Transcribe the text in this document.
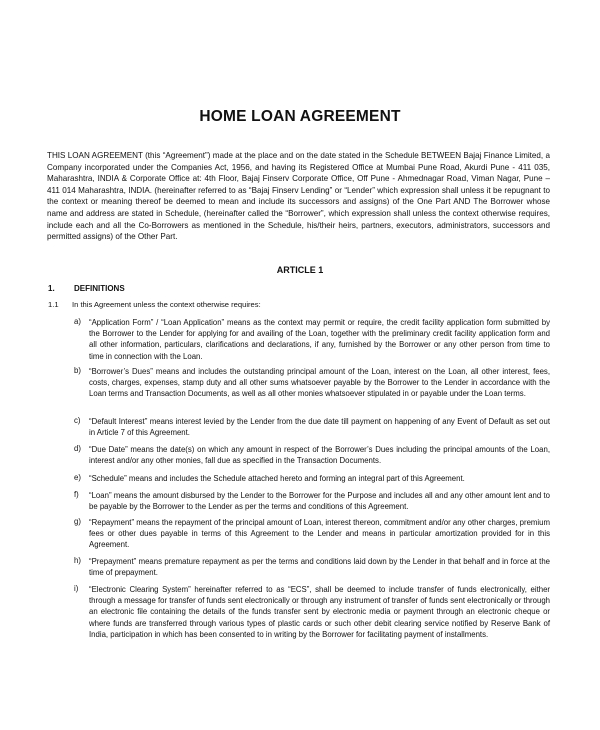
HOME LOAN AGREEMENT
THIS LOAN AGREEMENT (this “Agreement”) made at the place and on the date stated in the Schedule BETWEEN Bajaj Finance Limited, a Company incorporated under the Companies Act, 1956, and having its Registered Office at Mumbai Pune Road, Akurdi Pune - 411 035, Maharashtra, INDIA & Corporate Office at: 4th Floor, Bajaj Finserv Corporate Office, Off Pune - Ahmednagar Road, Viman Nagar, Pune – 411 014 Maharashtra, INDIA. (hereinafter referred to as “Bajaj Finserv Lending” or “Lender” which expression shall unless it be repugnant to the context or meaning thereof be deemed to mean and include its successors and assigns) of the One Part AND The Borrower whose name and address are stated in Schedule, (hereinafter called the “Borrower”, which expression shall unless the context otherwise requires, include each and all the Co-Borrowers as mentioned in the Schedule, his/their heirs, partners, executors, administrators, successors and permitted assigns) of the Other Part.
ARTICLE 1
1. DEFINITIONS
1.1 In this Agreement unless the context otherwise requires:
a) “Application Form” / “Loan Application” means as the context may permit or require, the credit facility application form submitted by the Borrower to the Lender for applying for and availing of the Loan, together with the preliminary credit facility application form and all other information, particulars, clarifications and declarations, if any, furnished by the Borrower or any other person from time to time in connection with the Loan.
b) “Borrower’s Dues” means and includes the outstanding principal amount of the Loan, interest on the Loan, all other interest, fees, costs, charges, expenses, stamp duty and all other sums whatsoever payable by the Borrower to the Lender in accordance with the Loan terms and Transaction Documents, as well as all other monies whatsoever stipulated in or payable under the Loan terms.
c) “Default Interest” means interest levied by the Lender from the due date till payment on happening of any Event of Default as set out in Article 7 of this Agreement.
d) “Due Date” means the date(s) on which any amount in respect of the Borrower’s Dues including the principal amounts of the Loan, interest and/or any other monies, fall due as specified in the Transaction Documents.
e) “Schedule” means and includes the Schedule attached hereto and forming an integral part of this Agreement.
f) “Loan” means the amount disbursed by the Lender to the Borrower for the Purpose and includes all and any other amount lent and to be payable by the Borrower to the Lender as per the terms and conditions of this Agreement.
g) “Repayment” means the repayment of the principal amount of Loan, interest thereon, commitment and/or any other charges, premium fees or other dues payable in terms of this Agreement to the Lender and means in particular amortization provided for in this Agreement.
h) “Prepayment” means premature repayment as per the terms and conditions laid down by the Lender in that behalf and in force at the time of prepayment.
i) “Electronic Clearing System” hereinafter referred to as “ECS”, shall be deemed to include transfer of funds electronically, either through a message for transfer of funds sent electronically or through any instrument of transfer of funds sent electronically or through an electronic file containing the details of the funds transfer sent by electronic media or payment through an electronic cheque or where funds are transferred through various types of plastic cards or such other debit clearing service notified by Reserve Bank of India, participation in which has been consented to in writing by the Borrower for facilitating payment of installments.
